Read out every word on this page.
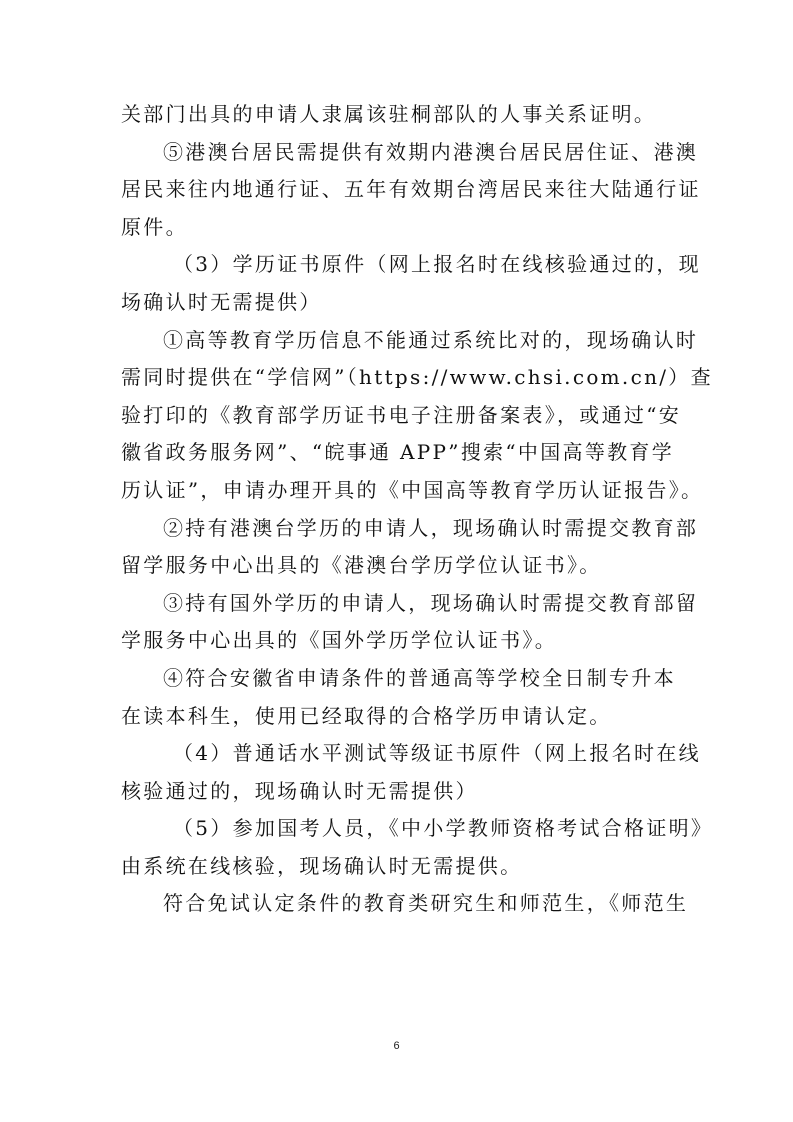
关部门出具的申请人隶属该驻桐部队的人事关系证明。

⑤港澳台居民需提供有效期内港澳台居民居住证、港澳
居民来往内地通行证、五年有效期台湾居民来往大陆通行证
原件。

（3）学历证书原件（网上报名时在线核验通过的，现
场确认时无需提供）

①高等教育学历信息不能通过系统比对的，现场确认时
需同时提供在“学信网”（https://www.chsi.com.cn/）查
验打印的《教育部学历证书电子注册备案表》，或通过“安
徽省政务服务网”、“皖事通 APP”搜索“中国高等教育学
历认证”，申请办理开具的《中国高等教育学历认证报告》。

②持有港澳台学历的申请人，现场确认时需提交教育部
留学服务中心出具的《港澳台学历学位认证书》。

③持有国外学历的申请人，现场确认时需提交教育部留
学服务中心出具的《国外学历学位认证书》。

④符合安徽省申请条件的普通高等学校全日制专升本
在读本科生，使用已经取得的合格学历申请认定。

（4）普通话水平测试等级证书原件（网上报名时在线
核验通过的，现场确认时无需提供）

（5）参加国考人员，《中小学教师资格考试合格证明》
由系统在线核验，现场确认时无需提供。

符合免试认定条件的教育类研究生和师范生，《师范生

6
